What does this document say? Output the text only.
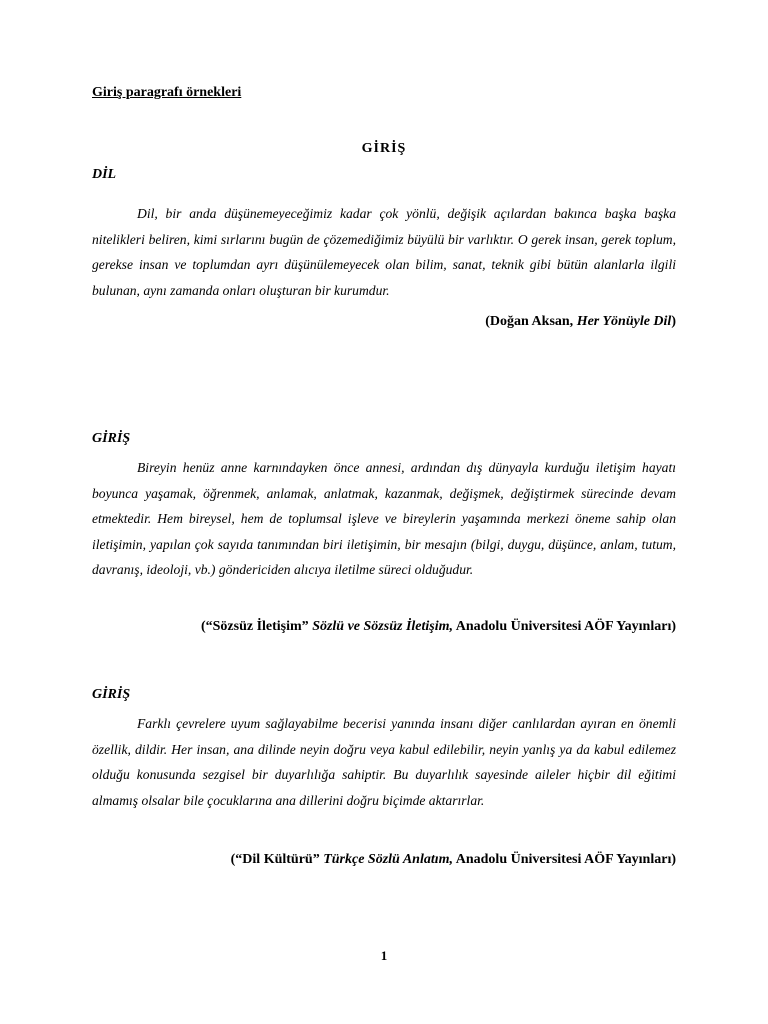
Giriş paragrafı örnekleri
GİRİŞ
DİL

Dil, bir anda düşünemeyeceğimiz kadar çok yönlü, değişik açılardan bakınca başka başka nitelikleri beliren, kimi sırlarını bugün de çözemediğimiz büyülü bir varlıktır. O gerek insan, gerek toplum, gerekse insan ve toplumdan ayrı düşünülemeyecek olan bilim, sanat, teknik gibi bütün alanlarla ilgili bulunan, aynı zamanda onları oluşturan bir kurumdur.

(Doğan Aksan, Her Yönüyle Dil)
GİRİŞ

Bireyin henüz anne karnındayken önce annesi, ardından dış dünyayla kurduğu iletişim hayatı boyunca yaşamak, öğrenmek, anlamak, anlatmak, kazanmak, değişmek, değiştirmek sürecinde devam etmektedir. Hem bireysel, hem de toplumsal işleve ve bireylerin yaşamında merkezi öneme sahip olan iletişimin, yapılan çok sayıda tanımından biri iletişimin, bir mesajın (bilgi, duygu, düşünce, anlam, tutum, davranış, ideoloji, vb.) göndericiden alıcıya iletilme süreci olduğudur.

(“Sözsüz İletişim” Sözlü ve Sözsüz İletişim, Anadolu Üniversitesi AÖF Yayınları)
GİRİŞ

Farklı çevrelere uyum sağlayabilme becerisi yanında insanı diğer canlılardan ayıran en önemli özellik, dildir. Her insan, ana dilinde neyin doğru veya kabul edilebilir, neyin yanlış ya da kabul edilemez olduğu konusunda sezgisel bir duyarlılığa sahiptir. Bu duyarlılık sayesinde aileler hiçbir dil eğitimi almamış olsalar bile çocuklarına ana dillerini doğru biçimde aktarırlar.

(“Dil Kültürü” Türkçe Sözlü Anlatım, Anadolu Üniversitesi AÖF Yayınları)
1
